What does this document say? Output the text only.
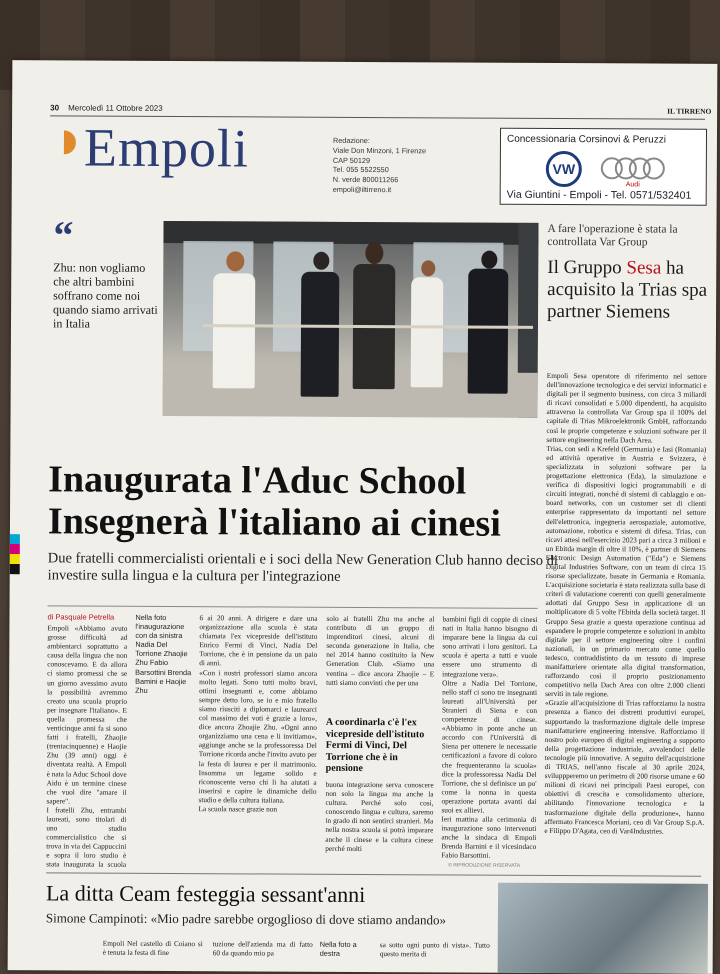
30 Mercoledì 11 Ottobre 2023	IL TIRRENO
Empoli	Redazione:
Viale Don Minzoni, 1 Firenze
CAP 50129
Tel. 055 5522550
N. verde 800011266
empoli@iltirreno.it
Concessionaria Corsinovi & Peruzzi
VW
Audi
Via Giuntini - Empoli - Tel. 0571/532401
“
Zhu: non vogliamo che altri bambini soffrano come noi quando siamo arrivati in Italia
A fare l'operazione è stata la controllata Var Group
Il Gruppo Sesa ha acquisito la Trias spa partner Siemens
Empoli Sesa operatore di riferimento nel settore dell'innovazione tecnologica e dei servizi informatici e digitali per il segmento business, con circa 3 miliardi di ricavi consolidati e 5.000 dipendenti, ha acquisito attraverso la controllata Var Group spa il 100% del capitale di Trias Mikroelektronik GmbH, rafforzando così le proprie competenze e soluzioni software per il settore engineering nella Dach Area.
Trias, con sedi a Krefeld (Germania) e Iasi (Romania) ed attività operative in Austria e Svizzera, è specializzata in soluzioni software per la progettazione elettronica (Eda), la simulazione e verifica di dispositivi logici programmabili e di circuiti integrati, nonché di sistemi di cablaggio e on-board networks, con un customer set di clienti enterprise rappresentato da importanti nel settore dell'elettronica, ingegneria aerospaziale, automotive, automazione, robotica e sistemi di difesa. Trias, con ricavi attesi nell'esercizio 2023 pari a circa 3 milioni e un Ebitda margin di oltre il 10%, è partner di Siemens Electronic Design Automation ("Eda") e Siemens Digital Industries Software, con un team di circa 15 risorse specializzate, basate in Germania e Romania. L'acquisizione societaria è stata realizzata sulla base di criteri di valutazione coerenti con quelli generalmente adottati dal Gruppo Sesa in applicazione di un moltiplicatore di 5 volte l'Ebitda della società target. Il Gruppo Sesa grazie a questa operazione continua ad espandere le proprie competenze e soluzioni in ambito digitale per il settore engineering oltre i confini nazionali, in un primario mercato come quello tedesco, contraddistinto da un tessuto di imprese manifatturiere orientate alla digital transformation, rafforzando così il proprio posizionamento competitivo nella Dach Area con oltre 2.000 clienti serviti in tale regione.
«Grazie all'acquisizione di Trias rafforziamo la nostra presenza a fianco dei distretti produttivi europei, supportando la trasformazione digitale delle imprese manifatturiere engineering intensive. Rafforziamo il nostro polo europeo di digital engineering a supporto della progettazione industriale, avvalendoci delle tecnologie più innovative. A seguito dell'acquisizione di TRIAS, nell'anno fiscale al 30 aprile 2024, sviluppperemo un perimetro di 200 risorse umane e 60 milioni di ricavi nei principali Paesi europei, con obiettivi di crescita e consolidamento ulteriore, abilitando l'innovazione tecnologica e la trasformazione digitale della produzione», hanno affermato Francesca Moriani, ceo di Var Group S.p.A. e Filippo D'Agata, ceo di Var4Industries.
Inaugurata l'Aduc School
Insegnerà l'italiano ai cinesi
Due fratelli commercialisti orientali e i soci della New Generation Club hanno deciso di investire sulla lingua e la cultura per l'integrazione
di Pasquale Petrella
Empoli «Abbiamo avuto grosse difficoltà ad ambientarci soprattutto a causa della lingua che non conoscevamo. E da allora ci siamo promessi che se un giorno avessimo avuto la possibilità avremmo creato una scuola proprio per insegnare l'italiano». E quella promessa che venticinque anni fa si sono fatti i fratelli, Zhaojie (trentacinquenne) e Haojie Zhu (39 anni) oggi è diventata realtà. A Empoli è nata la Aduc School dove Aidu è un termine cinese che vuol dire "amare il sapere".
I fratelli Zhu, entrambi laureati, sono titolari di uno studio commercialistico che si trova in via dei Cappuccini e sopra il loro studio è stata inaugurata la scuola
Nella foto l'inaugurazione con da sinistra Nadia Del Torrione Zhaojie Zhu Fabio Barsottini Brenda Bamini e Haojie Zhu
6 ai 20 anni. A dirigere e dare una organizzazione alla scuola è stata chiamata l'ex vicepreside dell'istituto Enrico Fermi di Vinci, Nadia Del Torrione, che è in pensione da un paio di anni.
«Con i nostri professori siamo ancora molto legati. Sono tutti molto bravi, ottimi insegnanti e, come abbiamo sempre detto loro, se io e mio fratello siamo riusciti a diplomarci e laurearci col massimo dei voti è grazie a loro», dice ancora Zhoajie Zhu. «Ogni anno organizziamo una cena e li invitiamo», aggiunge anche se la professoressa Del Torrione ricorda anche l'invito avuto per la festa di laurea e per il matrimonio. Insomma un legame solido e riconoscente verso chi li ha aiutati a inserirsi e capire le dinamiche dello studio e della cultura italiana.
La scuola nasce grazie non
solo ai fratelli Zhu ma anche al contributo di un gruppo di imprenditori cinesi, alcuni di seconda generazione in Italia, che nel 2014 hanno costituito la New Generation Club. «Siamo una ventina – dice ancora Zhaojie – E tutti siamo convinti che per una
A coordinarla c'è l'ex vicepreside dell'istituto Fermi di Vinci, Del Torrione che è in pensione
buona integrazione serva conoscere non solo la lingua ma anche la cultura. Perché solo così, conoscendo lingua e cultura, saremo in grado di non sentirci stranieri. Ma nella nostra scuola si potrà imparare anche il cinese e la cultura cinese perché molti
bambini figli di coppie di cinesi nati in Italia hanno bisogno di imparare bene la lingua da cui sono arrivati i loro genitori. La scuola è aperta a tutti e vuole essere uno strumento di integrazione vera».
Oltre a Nadia Del Torrione, nello staff ci sono tre insegnanti laureati all'Università per Stranieri di Siena e con competenze di cinese. «Abbiamo in ponte anche un accordo con l'Università di Siena per ottenere le necessarie certificazioni a favore di coloro che frequenteranno la scuola» dice la professoressa Nadia Del Torrione, che si definisce un po' come la nonna in questa operazione portata avanti dai suoi ex allievi.
Ieri mattina alla cerimonia di inaugurazione sono intervenuti anche la sindaca di Empoli Brenda Barnini e il vicesindaco Fabio Barsottini.
© RIPRODUZIONE RISERVATA
La ditta Ceam festeggia sessant'anni
Simone Campinoti: «Mio padre sarebbe orgoglioso di dove stiamo andando»
Empoli Nel castello di Coiano si è tenuta la festa di fine
tuzione dell'azienda ma di fatto 60 da quando mio pa
Nella foto a destra
sa sotto ogni punto di vista». Tutto questo merita di
